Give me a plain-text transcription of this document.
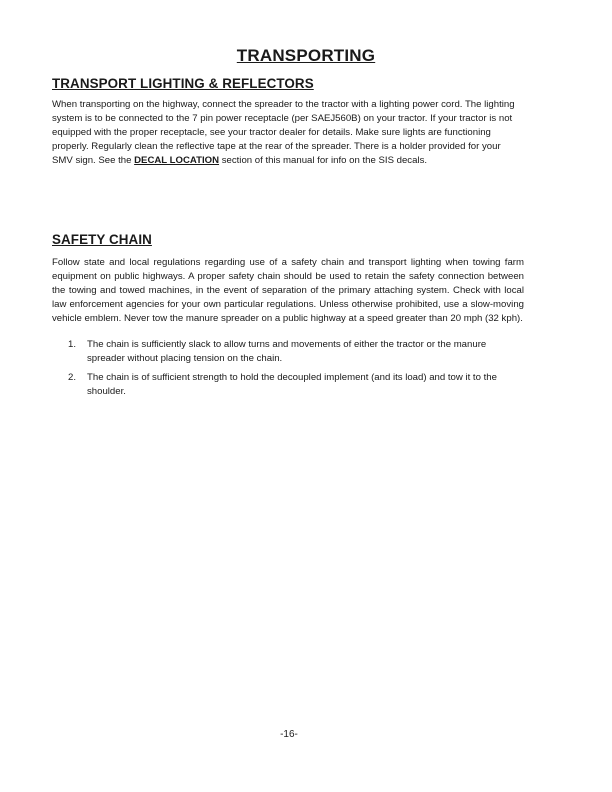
TRANSPORTING
TRANSPORT LIGHTING & REFLECTORS
When transporting on the highway, connect the spreader to the tractor with a lighting power cord. The lighting system is to be connected to the 7 pin power receptacle (per SAEJ560B) on your tractor. If your tractor is not equipped with the proper receptacle, see your tractor dealer for details. Make sure lights are functioning properly. Regularly clean the reflective tape at the rear of the spreader. There is a holder provided for your SMV sign. See the DECAL LOCATION section of this manual for info on the SIS decals.
SAFETY CHAIN
Follow state and local regulations regarding use of a safety chain and transport lighting when towing farm equipment on public highways. A proper safety chain should be used to retain the safety connection between the towing and towed machines, in the event of separation of the primary attaching system. Check with local law enforcement agencies for your own particular regulations. Unless otherwise prohibited, use a slow-moving vehicle emblem. Never tow the manure spreader on a public highway at a speed greater than 20 mph (32 kph).
1.	The chain is sufficiently slack to allow turns and movements of either the tractor or the manure spreader without placing tension on the chain.
2.	The chain is of sufficient strength to hold the decoupled implement (and its load) and tow it to the shoulder.
-16-
